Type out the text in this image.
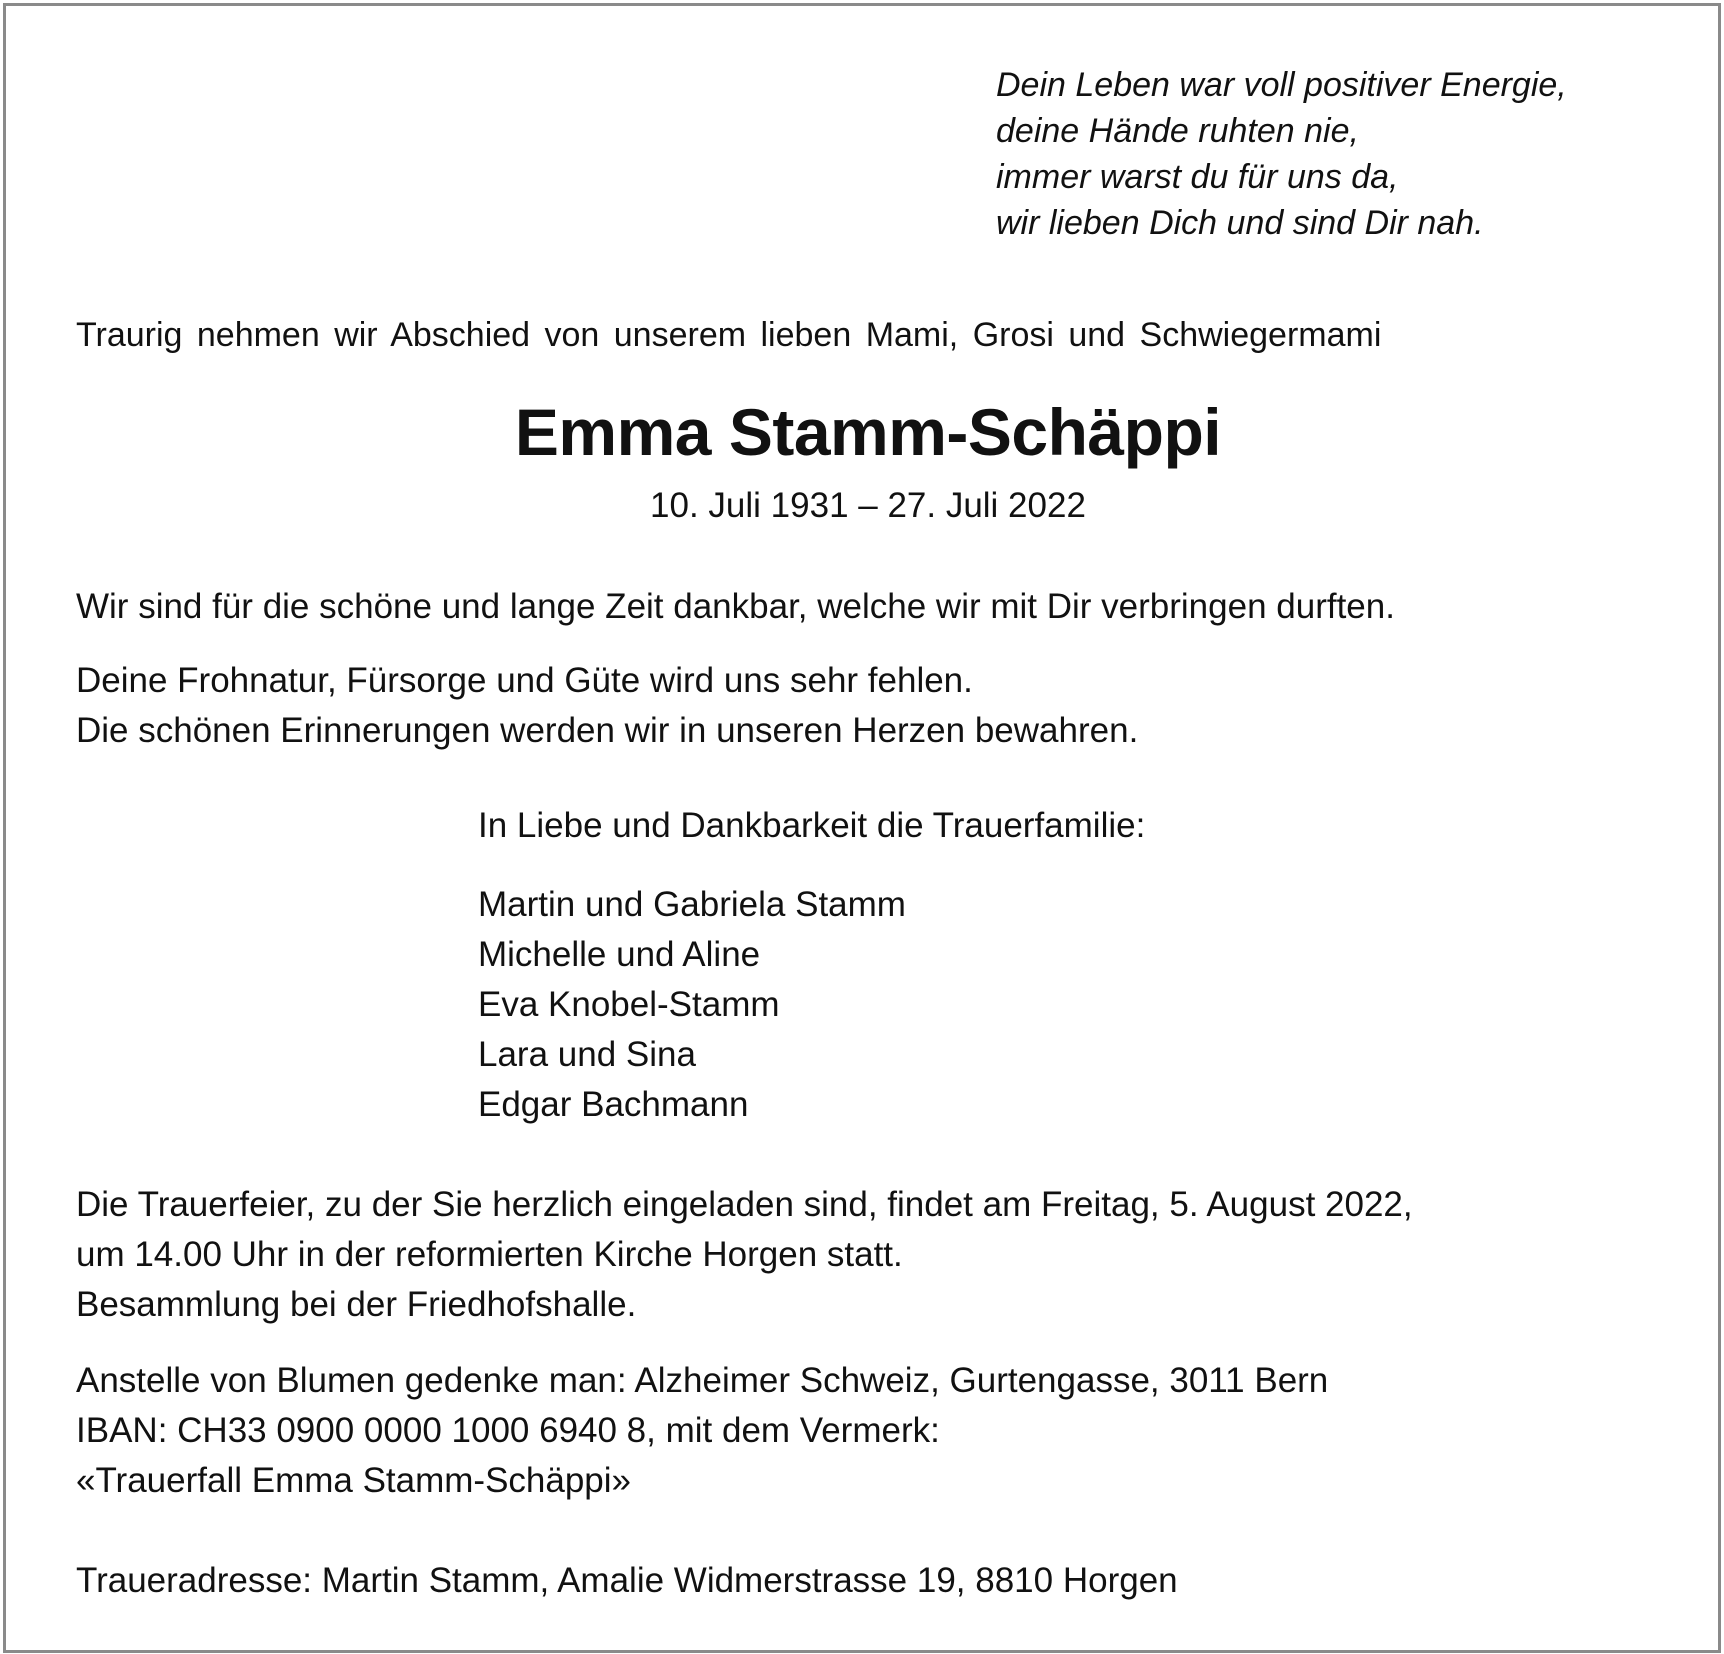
Dein Leben war voll positiver Energie,
deine Hände ruhten nie,
immer warst du für uns da,
wir lieben Dich und sind Dir nah.
Traurig nehmen wir Abschied von unserem lieben Mami, Grosi und Schwiegermami
Emma Stamm-Schäppi
10. Juli 1931 – 27. Juli 2022
Wir sind für die schöne und lange Zeit dankbar, welche wir mit Dir verbringen durften.
Deine Frohnatur, Fürsorge und Güte wird uns sehr fehlen.
Die schönen Erinnerungen werden wir in unseren Herzen bewahren.
In Liebe und Dankbarkeit die Trauerfamilie:
Martin und Gabriela Stamm
Michelle und Aline
Eva Knobel-Stamm
Lara und Sina
Edgar Bachmann
Die Trauerfeier, zu der Sie herzlich eingeladen sind, findet am Freitag, 5. August 2022,
um 14.00 Uhr in der reformierten Kirche Horgen statt.
Besammlung bei der Friedhofshalle.
Anstelle von Blumen gedenke man: Alzheimer Schweiz, Gurtengasse, 3011 Bern
IBAN: CH33 0900 0000 1000 6940 8, mit dem Vermerk:
«Trauerfall Emma Stamm-Schäppi»
Traueradresse: Martin Stamm, Amalie Widmerstrasse 19, 8810 Horgen
